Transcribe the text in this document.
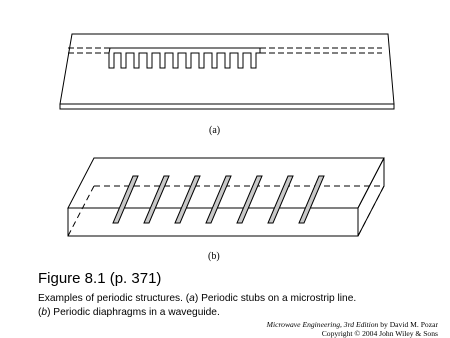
(a)
(b)
Figure 8.1 (p. 371)
Examples of periodic structures. (a) Periodic stubs on a microstrip line.
(b) Periodic diaphragms in a waveguide.
Microwave Engineering, 3rd Edition by David M. Pozar
Copyright © 2004 John Wiley & Sons
